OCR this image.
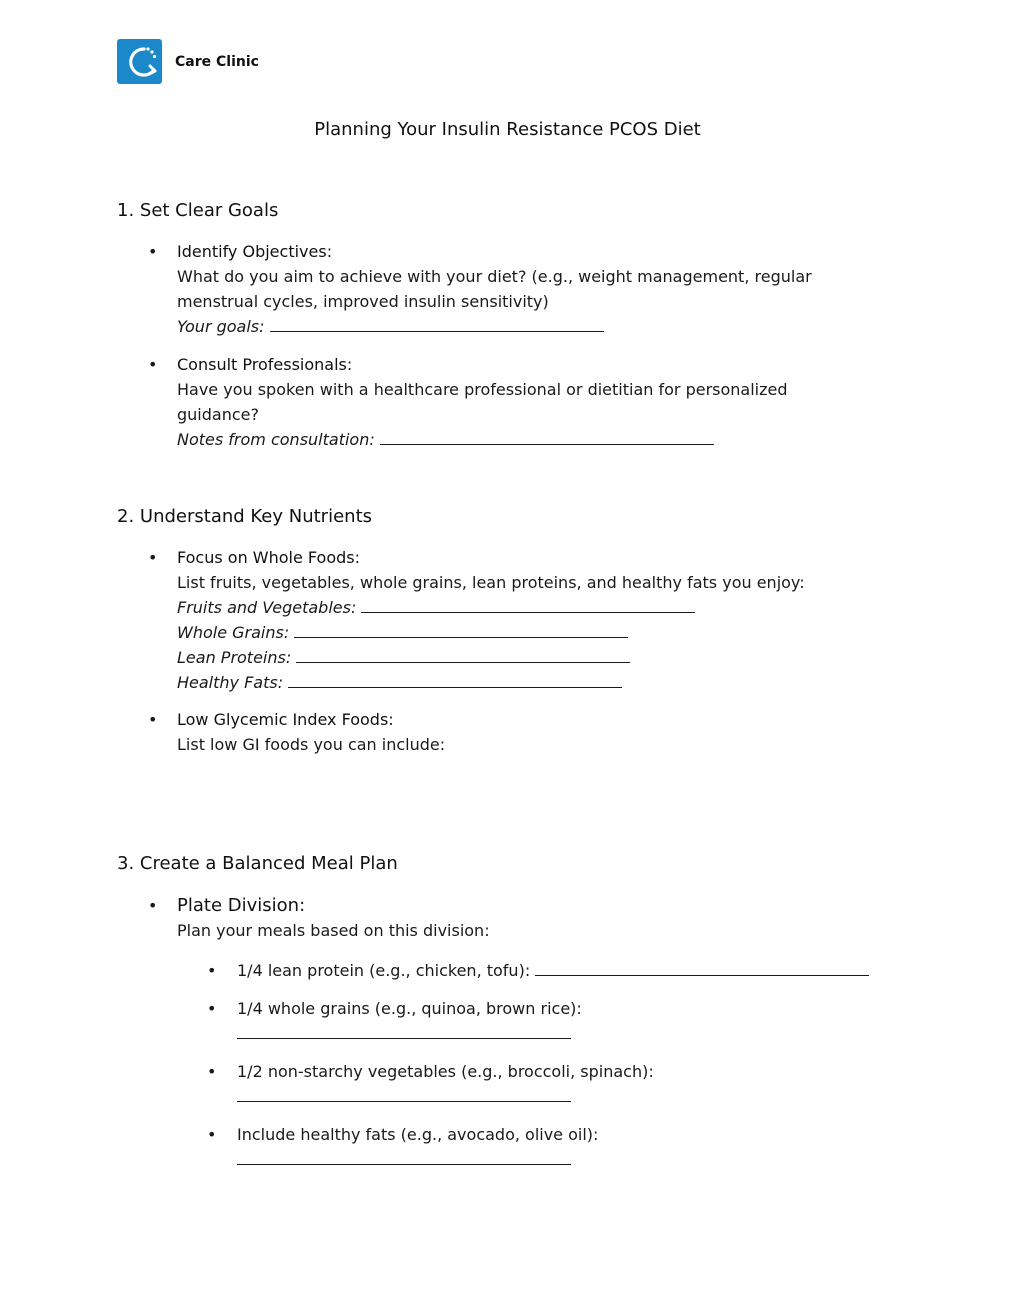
Care Clinic
Planning Your Insulin Resistance PCOS Diet
1. Set Clear Goals
• Identify Objectives:
What do you aim to achieve with your diet? (e.g., weight management, regular menstrual cycles, improved insulin sensitivity)
Your goals:
• Consult Professionals:
Have you spoken with a healthcare professional or dietitian for personalized guidance?
Notes from consultation:
2. Understand Key Nutrients
• Focus on Whole Foods:
List fruits, vegetables, whole grains, lean proteins, and healthy fats you enjoy:
Fruits and Vegetables:
Whole Grains:
Lean Proteins:
Healthy Fats:
• Low Glycemic Index Foods:
List low GI foods you can include:
3. Create a Balanced Meal Plan
• Plate Division:
Plan your meals based on this division:
• 1/4 lean protein (e.g., chicken, tofu):
• 1/4 whole grains (e.g., quinoa, brown rice):
• 1/2 non-starchy vegetables (e.g., broccoli, spinach):
• Include healthy fats (e.g., avocado, olive oil):
